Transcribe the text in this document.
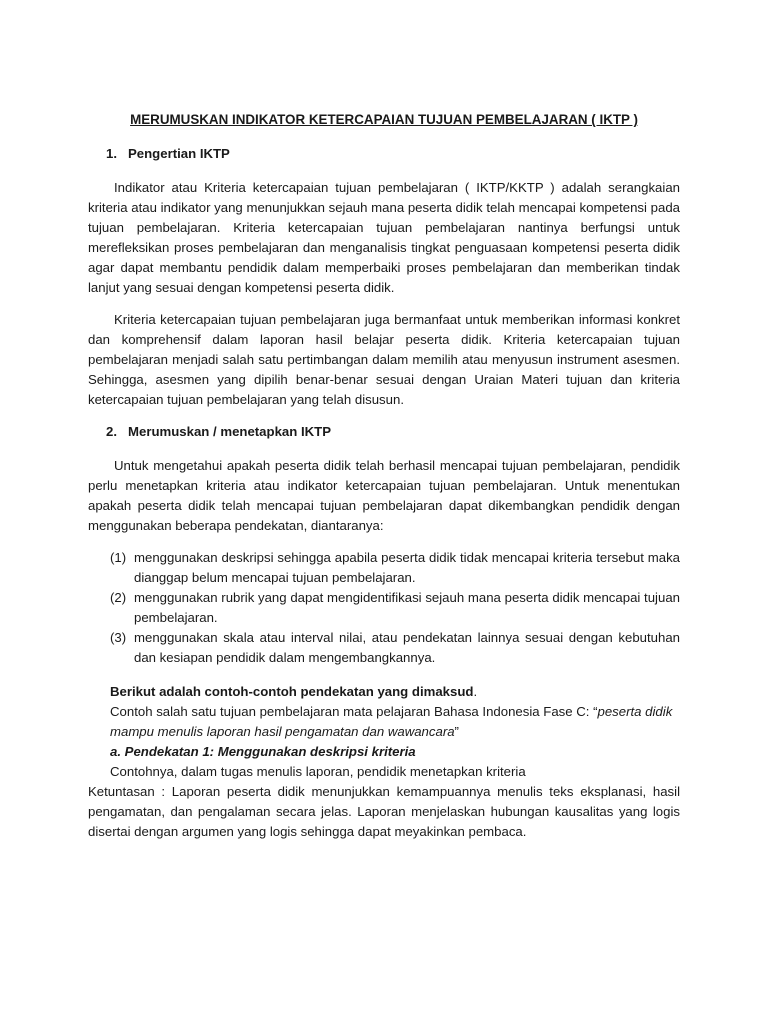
MERUMUSKAN INDIKATOR KETERCAPAIAN TUJUAN PEMBELAJARAN ( IKTP )
1. Pengertian IKTP

Indikator atau Kriteria ketercapaian tujuan pembelajaran ( IKTP/KKTP ) adalah serangkaian kriteria atau indikator yang menunjukkan sejauh mana peserta didik telah mencapai kompetensi pada tujuan pembelajaran. Kriteria ketercapaian tujuan pembelajaran nantinya berfungsi untuk merefleksikan proses pembelajaran dan menganalisis tingkat penguasaan kompetensi peserta didik agar dapat membantu pendidik dalam memperbaiki proses pembelajaran dan memberikan tindak lanjut yang sesuai dengan kompetensi peserta didik.

Kriteria ketercapaian tujuan pembelajaran juga bermanfaat untuk memberikan informasi konkret dan komprehensif dalam laporan hasil belajar peserta didik. Kriteria ketercapaian tujuan pembelajaran menjadi salah satu pertimbangan dalam memilih atau menyusun instrument asesmen. Sehingga, asesmen yang dipilih benar-benar sesuai dengan Uraian Materi tujuan dan kriteria ketercapaian tujuan pembelajaran yang telah disusun.

2. Merumuskan / menetapkan IKTP

Untuk mengetahui apakah peserta didik telah berhasil mencapai tujuan pembelajaran, pendidik perlu menetapkan kriteria atau indikator ketercapaian tujuan pembelajaran. Untuk menentukan apakah peserta didik telah mencapai tujuan pembelajaran dapat dikembangkan pendidik dengan menggunakan beberapa pendekatan, diantaranya:

(1) menggunakan deskripsi sehingga apabila peserta didik tidak mencapai kriteria tersebut maka dianggap belum mencapai tujuan pembelajaran.
(2) menggunakan rubrik yang dapat mengidentifikasi sejauh mana peserta didik mencapai tujuan pembelajaran.
(3) menggunakan skala atau interval nilai, atau pendekatan lainnya sesuai dengan kebutuhan dan kesiapan pendidik dalam mengembangkannya.

Berikut adalah contoh-contoh pendekatan yang dimaksud.

Contoh salah satu tujuan pembelajaran mata pelajaran Bahasa Indonesia Fase C: “peserta didik mampu menulis laporan hasil pengamatan dan wawancara”

a. Pendekatan 1: Menggunakan deskripsi kriteria

Contohnya, dalam tugas menulis laporan, pendidik menetapkan kriteria

Ketuntasan : Laporan peserta didik menunjukkan kemampuannya menulis teks eksplanasi, hasil pengamatan, dan pengalaman secara jelas. Laporan menjelaskan hubungan kausalitas yang logis disertai dengan argumen yang logis sehingga dapat meyakinkan pembaca.
